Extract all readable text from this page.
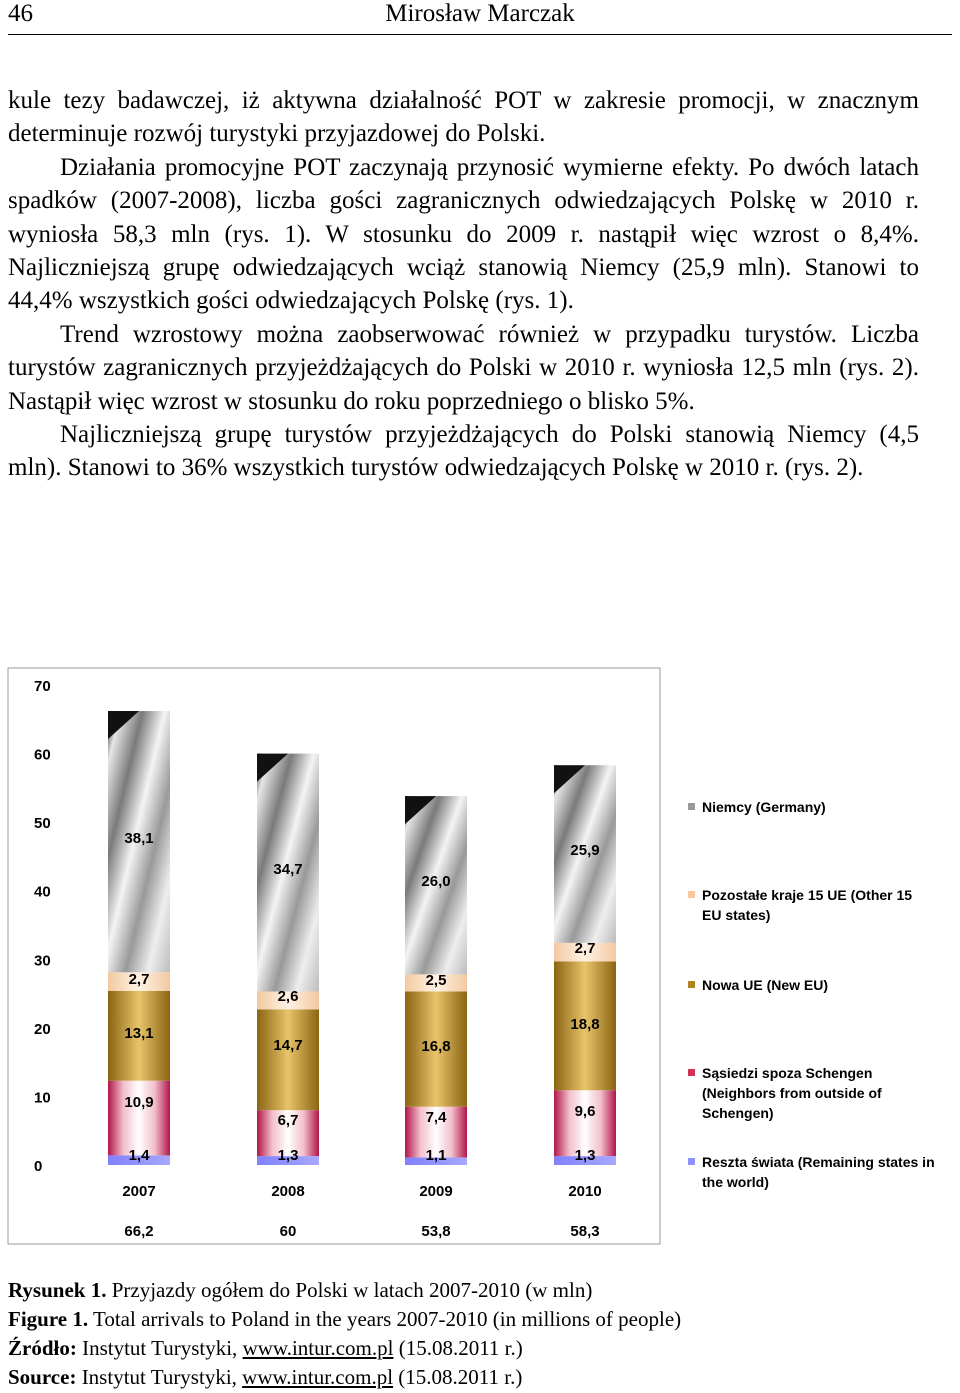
46	Mirosław Marczak

kule tezy badawczej, iż aktywna działalność POT w zakresie promocji, w znacznym determinuje rozwój turystyki przyjazdowej do Polski.

Działania promocyjne POT zaczynają przynosić wymierne efekty. Po dwóch latach spadków (2007-2008), liczba gości zagranicznych odwiedzających Polskę w 2010 r. wyniosła 58,3 mln (rys. 1). W stosunku do 2009 r. nastąpił więc wzrost o 8,4%. Najliczniejszą grupę odwiedzających wciąż stanowią Niemcy (25,9 mln). Stanowi to 44,4% wszystkich gości odwiedzających Polskę (rys. 1).

Trend wzrostowy można zaobserwować również w przypadku turystów. Liczba turystów zagranicznych przyjeżdżających do Polski w 2010 r. wyniosła 12,5 mln (rys. 2). Nastąpił więc wzrost w stosunku do roku poprzedniego o blisko 5%.

Najliczniejszą grupę turystów przyjeżdżających do Polski stanowią Niemcy (4,5 mln). Stanowi to 36% wszystkich turystów odwiedzających Polskę w 2010 r. (rys. 2).

0
10
20
30
40
50
60
70
1,4	1,3	1,1	1,3
10,9
6,7	7,4	9,6
13,1
14,7	16,8
18,8
2,7
2,6
2,5
2,7
38,1
34,7
26,0
25,9
2007
66,2
2008
60
2009
53,8
2010
58,3
Niemcy (Germany)
Pozostałe kraje 15 UE (Other 15
EU states)
Nowa UE (New EU)
Sąsiedzi spoza Schengen
(Neighbors from outside of
Schengen)
Reszta świata (Remaining states in
the world)
Rysunek 1. Przyjazdy ogółem do Polski w latach 2007-2010 (w mln)
Figure 1. Total arrivals to Poland in the years 2007-2010 (in millions of people)
Źródło: Instytut Turystyki, www.intur.com.pl (15.08.2011 r.)
Source: Instytut Turystyki, www.intur.com.pl (15.08.2011 r.)
